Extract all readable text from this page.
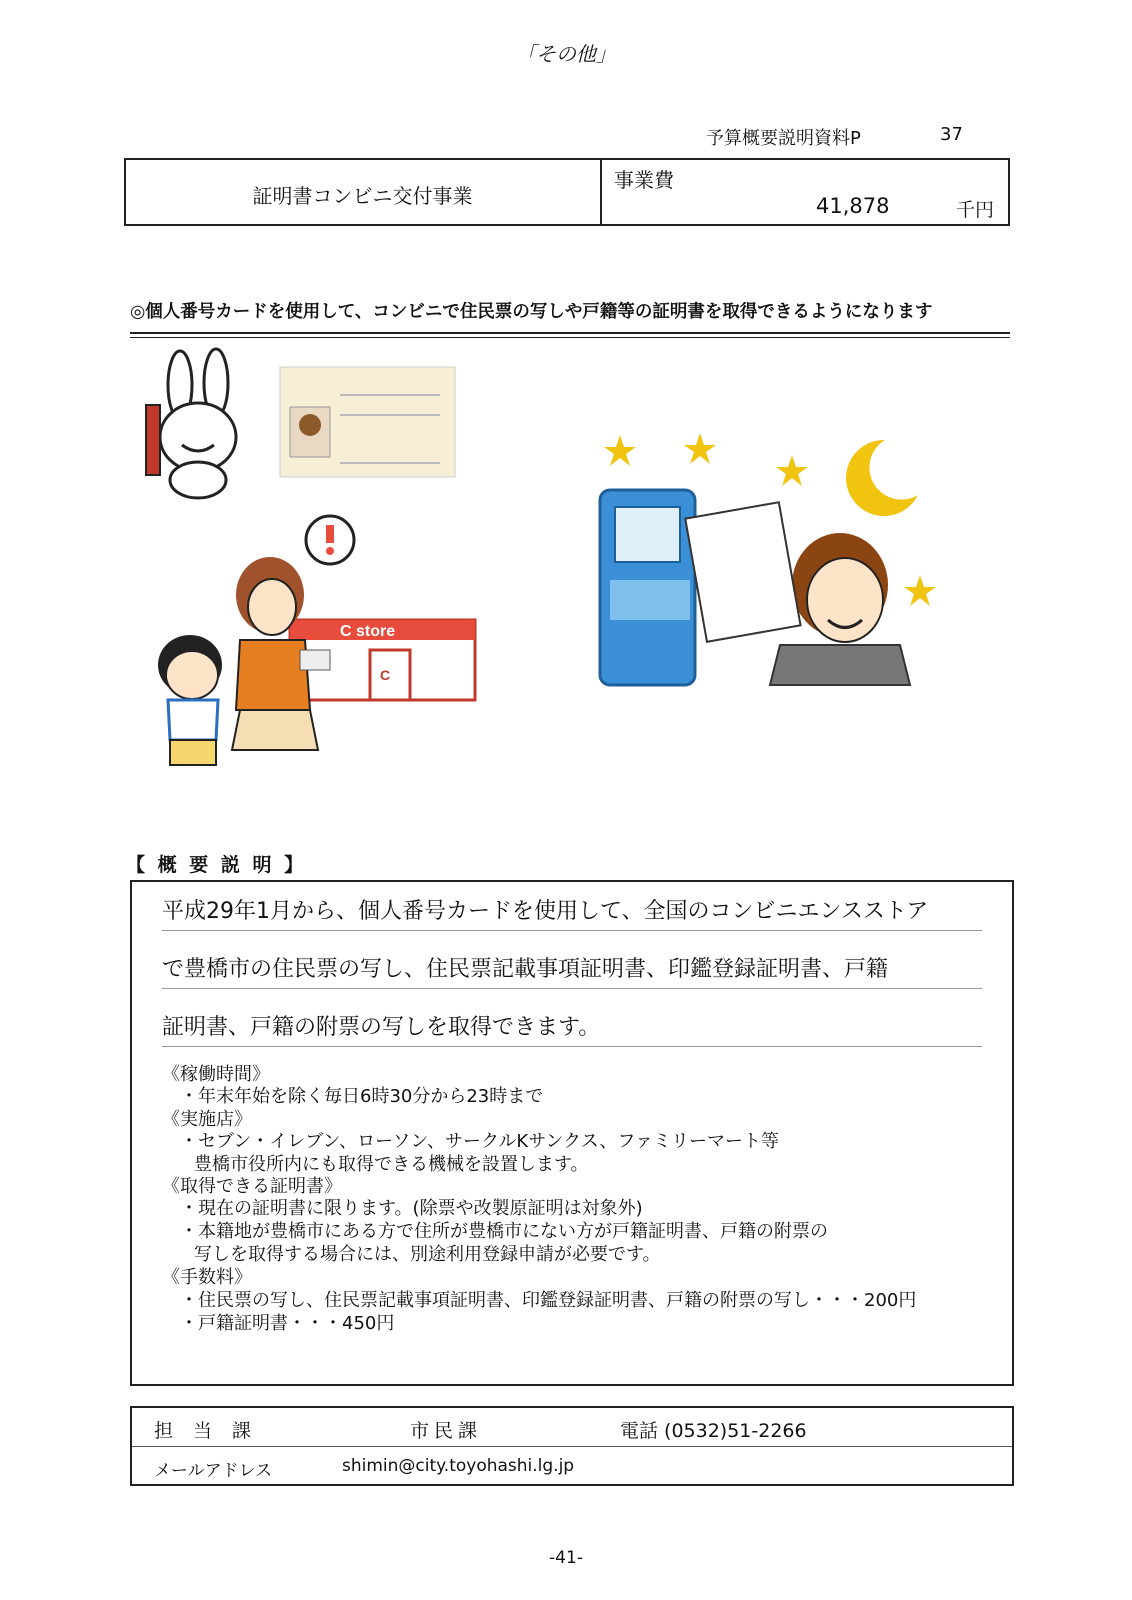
「その他」
予算概要説明資料P	37
証明書コンビニ交付事業
事業費
41,878	千円
◎個人番号カードを使用して、コンビニで住民票の写しや戸籍等の証明書を取得できるようになります
C store
C
【 概 要 説 明 】
平成29年1月から、個人番号カードを使用して、全国のコンビニエンスストア
で豊橋市の住民票の写し、住民票記載事項証明書、印鑑登録証明書、戸籍
証明書、戸籍の附票の写しを取得できます。
《稼働時間》
・年末年始を除く毎日6時30分から23時まで
《実施店》
・セブン・イレブン、ローソン、サークルKサンクス、ファミリーマート等
豊橋市役所内にも取得できる機械を設置します。
《取得できる証明書》
・現在の証明書に限ります。(除票や改製原証明は対象外)
・本籍地が豊橋市にある方で住所が豊橋市にない方が戸籍証明書、戸籍の附票の
写しを取得する場合には、別途利用登録申請が必要です。
《手数料》
・住民票の写し、住民票記載事項証明書、印鑑登録証明書、戸籍の附票の写し・・・200円
・戸籍証明書・・・450円
担当課	市民課	電話 (0532)51-2266
メールアドレス	shimin@city.toyohashi.lg.jp
-41-
